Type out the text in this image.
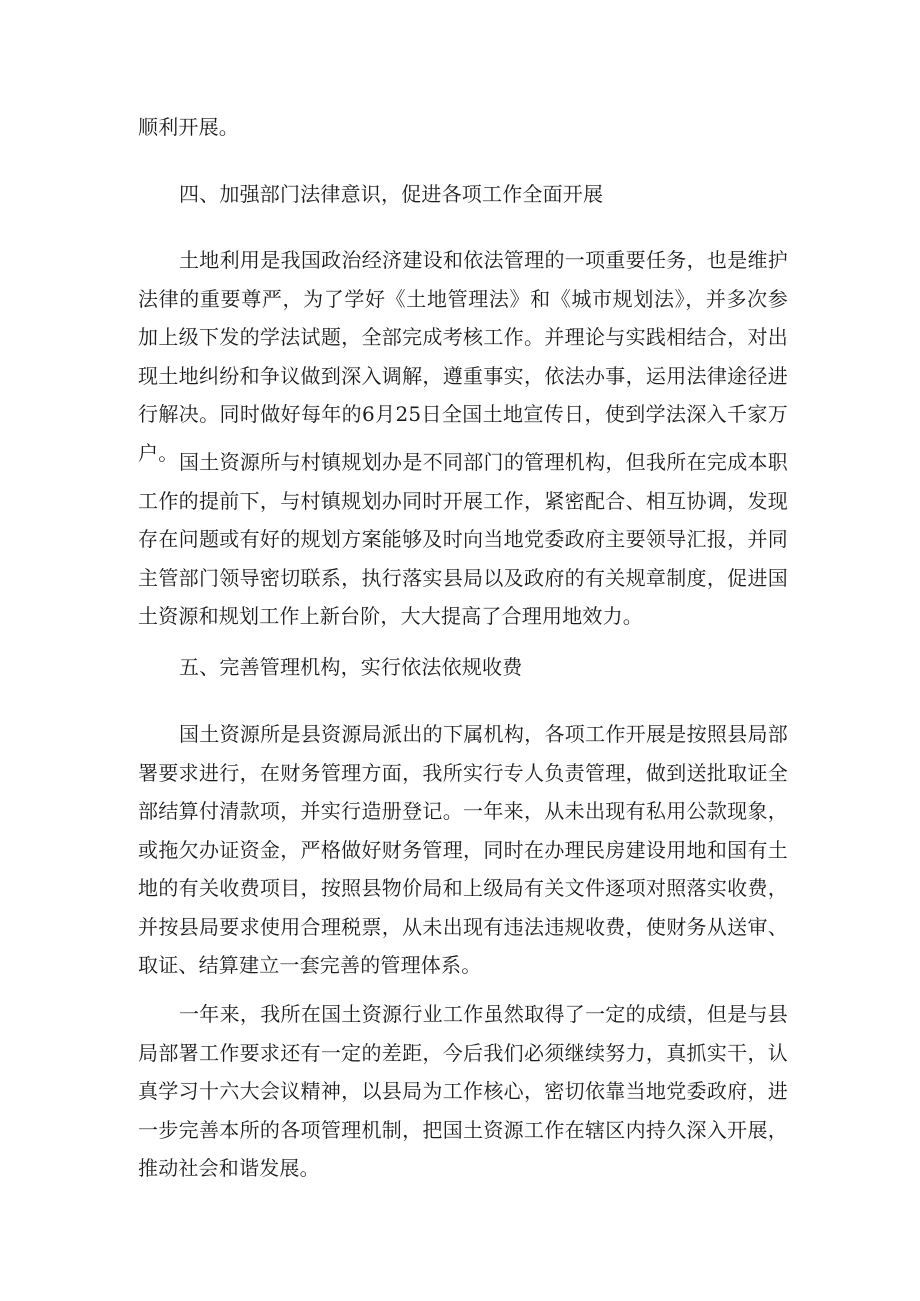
顺利开展。

四、加强部门法律意识，促进各项工作全面开展

土地利用是我国政治经济建设和依法管理的一项重要任务，也是维护法律的重要尊严，为了学好《土地管理法》和《城市规划法》，并多次参加上级下发的学法试题，全部完成考核工作。并理论与实践相结合，对出现土地纠纷和争议做到深入调解，遵重事实，依法办事，运用法律途径进行解决。同时做好每年的6月25日全国土地宣传日，使到学法深入千家万户。 国土资源所与村镇规划办是不同部门的管理机构，但我所在完成本职工作的提前下，与村镇规划办同时开展工作，紧密配合、相互协调，发现存在问题或有好的规划方案能够及时向当地党委政府主要领导汇报，并同主管部门领导密切联系，执行落实县局以及政府的有关规章制度，促进国土资源和规划工作上新台阶，大大提高了合理用地效力。

五、完善管理机构，实行依法依规收费

国土资源所是县资源局派出的下属机构，各项工作开展是按照县局部署要求进行，在财务管理方面，我所实行专人负责管理，做到送批取证全部结算付清款项，并实行造册登记。一年来，从未出现有私用公款现象，或拖欠办证资金，严格做好财务管理，同时在办理民房建设用地和国有土地的有关收费项目，按照县物价局和上级局有关文件逐项对照落实收费，并按县局要求使用合理税票，从未出现有违法违规收费，使财务从送审、取证、结算建立一套完善的管理体系。

一年来，我所在国土资源行业工作虽然取得了一定的成绩，但是与县局部署工作要求还有一定的差距，今后我们必须继续努力，真抓实干，认真学习十六大会议精神，以县局为工作核心，密切依靠当地党委政府，进一步完善本所的各项管理机制，把国土资源工作在辖区内持久深入开展，推动社会和谐发展。
